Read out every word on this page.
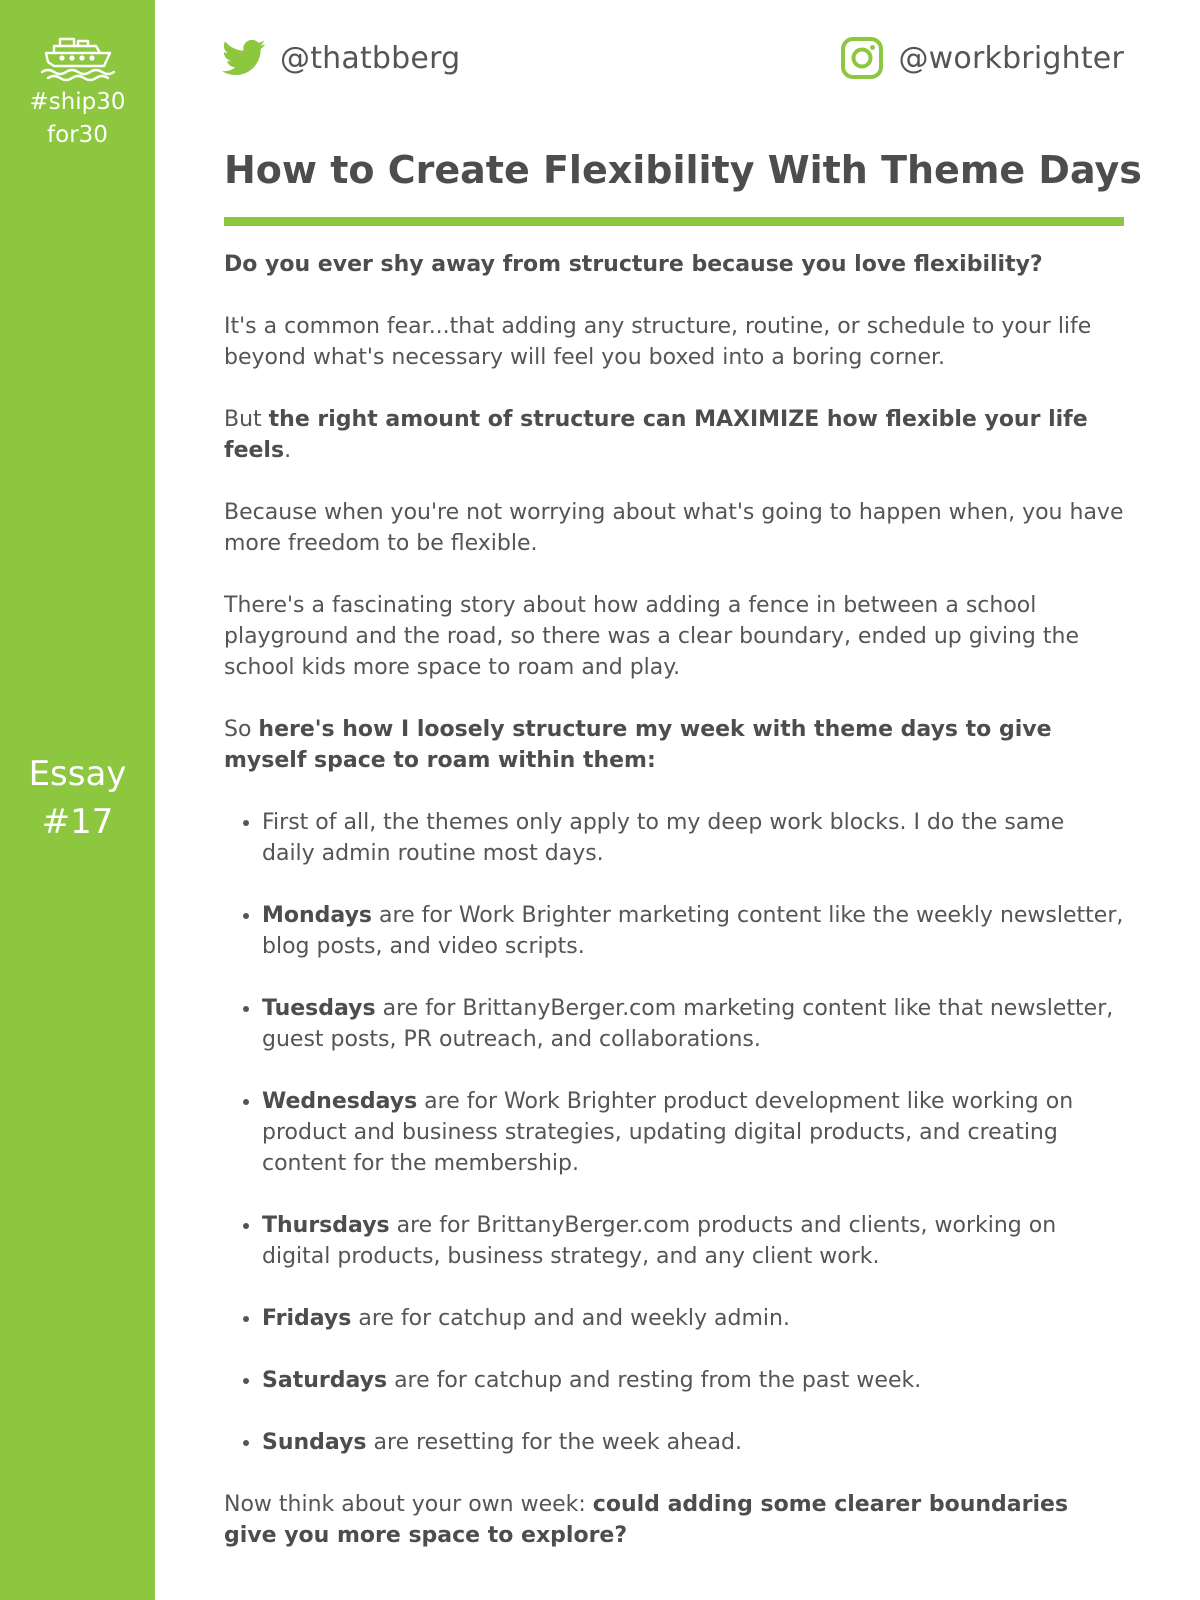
#ship30
for30
Essay
#17
@thatbberg	@workbrighter
How to Create Flexibility With Theme Days

Do you ever shy away from structure because you love flexibility?

It's a common fear...that adding any structure, routine, or schedule to your life beyond what's necessary will feel you boxed into a boring corner.

But the right amount of structure can MAXIMIZE how flexible your life feels.

Because when you're not worrying about what's going to happen when, you have more freedom to be flexible.

There's a fascinating story about how adding a fence in between a school playground and the road, so there was a clear boundary, ended up giving the school kids more space to roam and play.

So here's how I loosely structure my week with theme days to give myself space to roam within them:

• First of all, the themes only apply to my deep work blocks. I do the same daily admin routine most days.
• Mondays are for Work Brighter marketing content like the weekly newsletter, blog posts, and video scripts.
• Tuesdays are for BrittanyBerger.com marketing content like that newsletter, guest posts, PR outreach, and collaborations.
• Wednesdays are for Work Brighter product development like working on product and business strategies, updating digital products, and creating content for the membership.
• Thursdays are for BrittanyBerger.com products and clients, working on digital products, business strategy, and any client work.
• Fridays are for catchup and and weekly admin.
• Saturdays are for catchup and resting from the past week.
• Sundays are resetting for the week ahead.

Now think about your own week: could adding some clearer boundaries give you more space to explore?
